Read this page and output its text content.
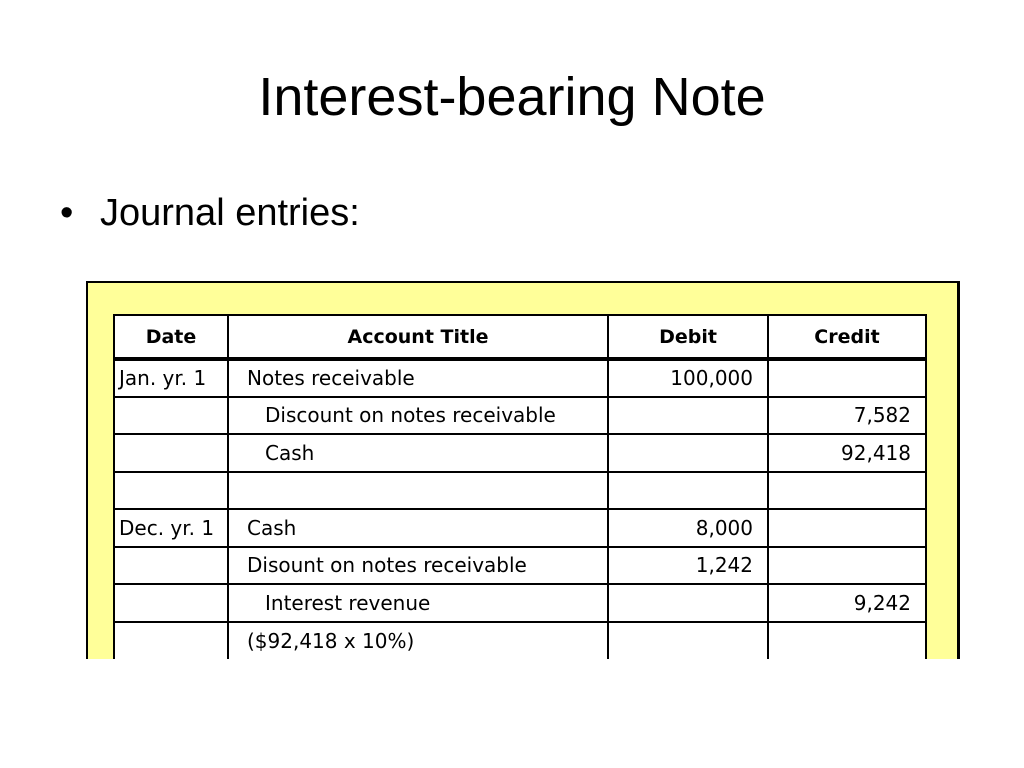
Interest-bearing Note
• Journal entries:
Date	Account Title	Debit	Credit
Jan. yr. 1	Notes receivable	100,000	
	Discount on notes receivable		7,582
	Cash		92,418

Dec. yr. 1	Cash	8,000	
	Disount on notes receivable	1,242	
	Interest revenue		9,242
	($92,418 x 10%)		
